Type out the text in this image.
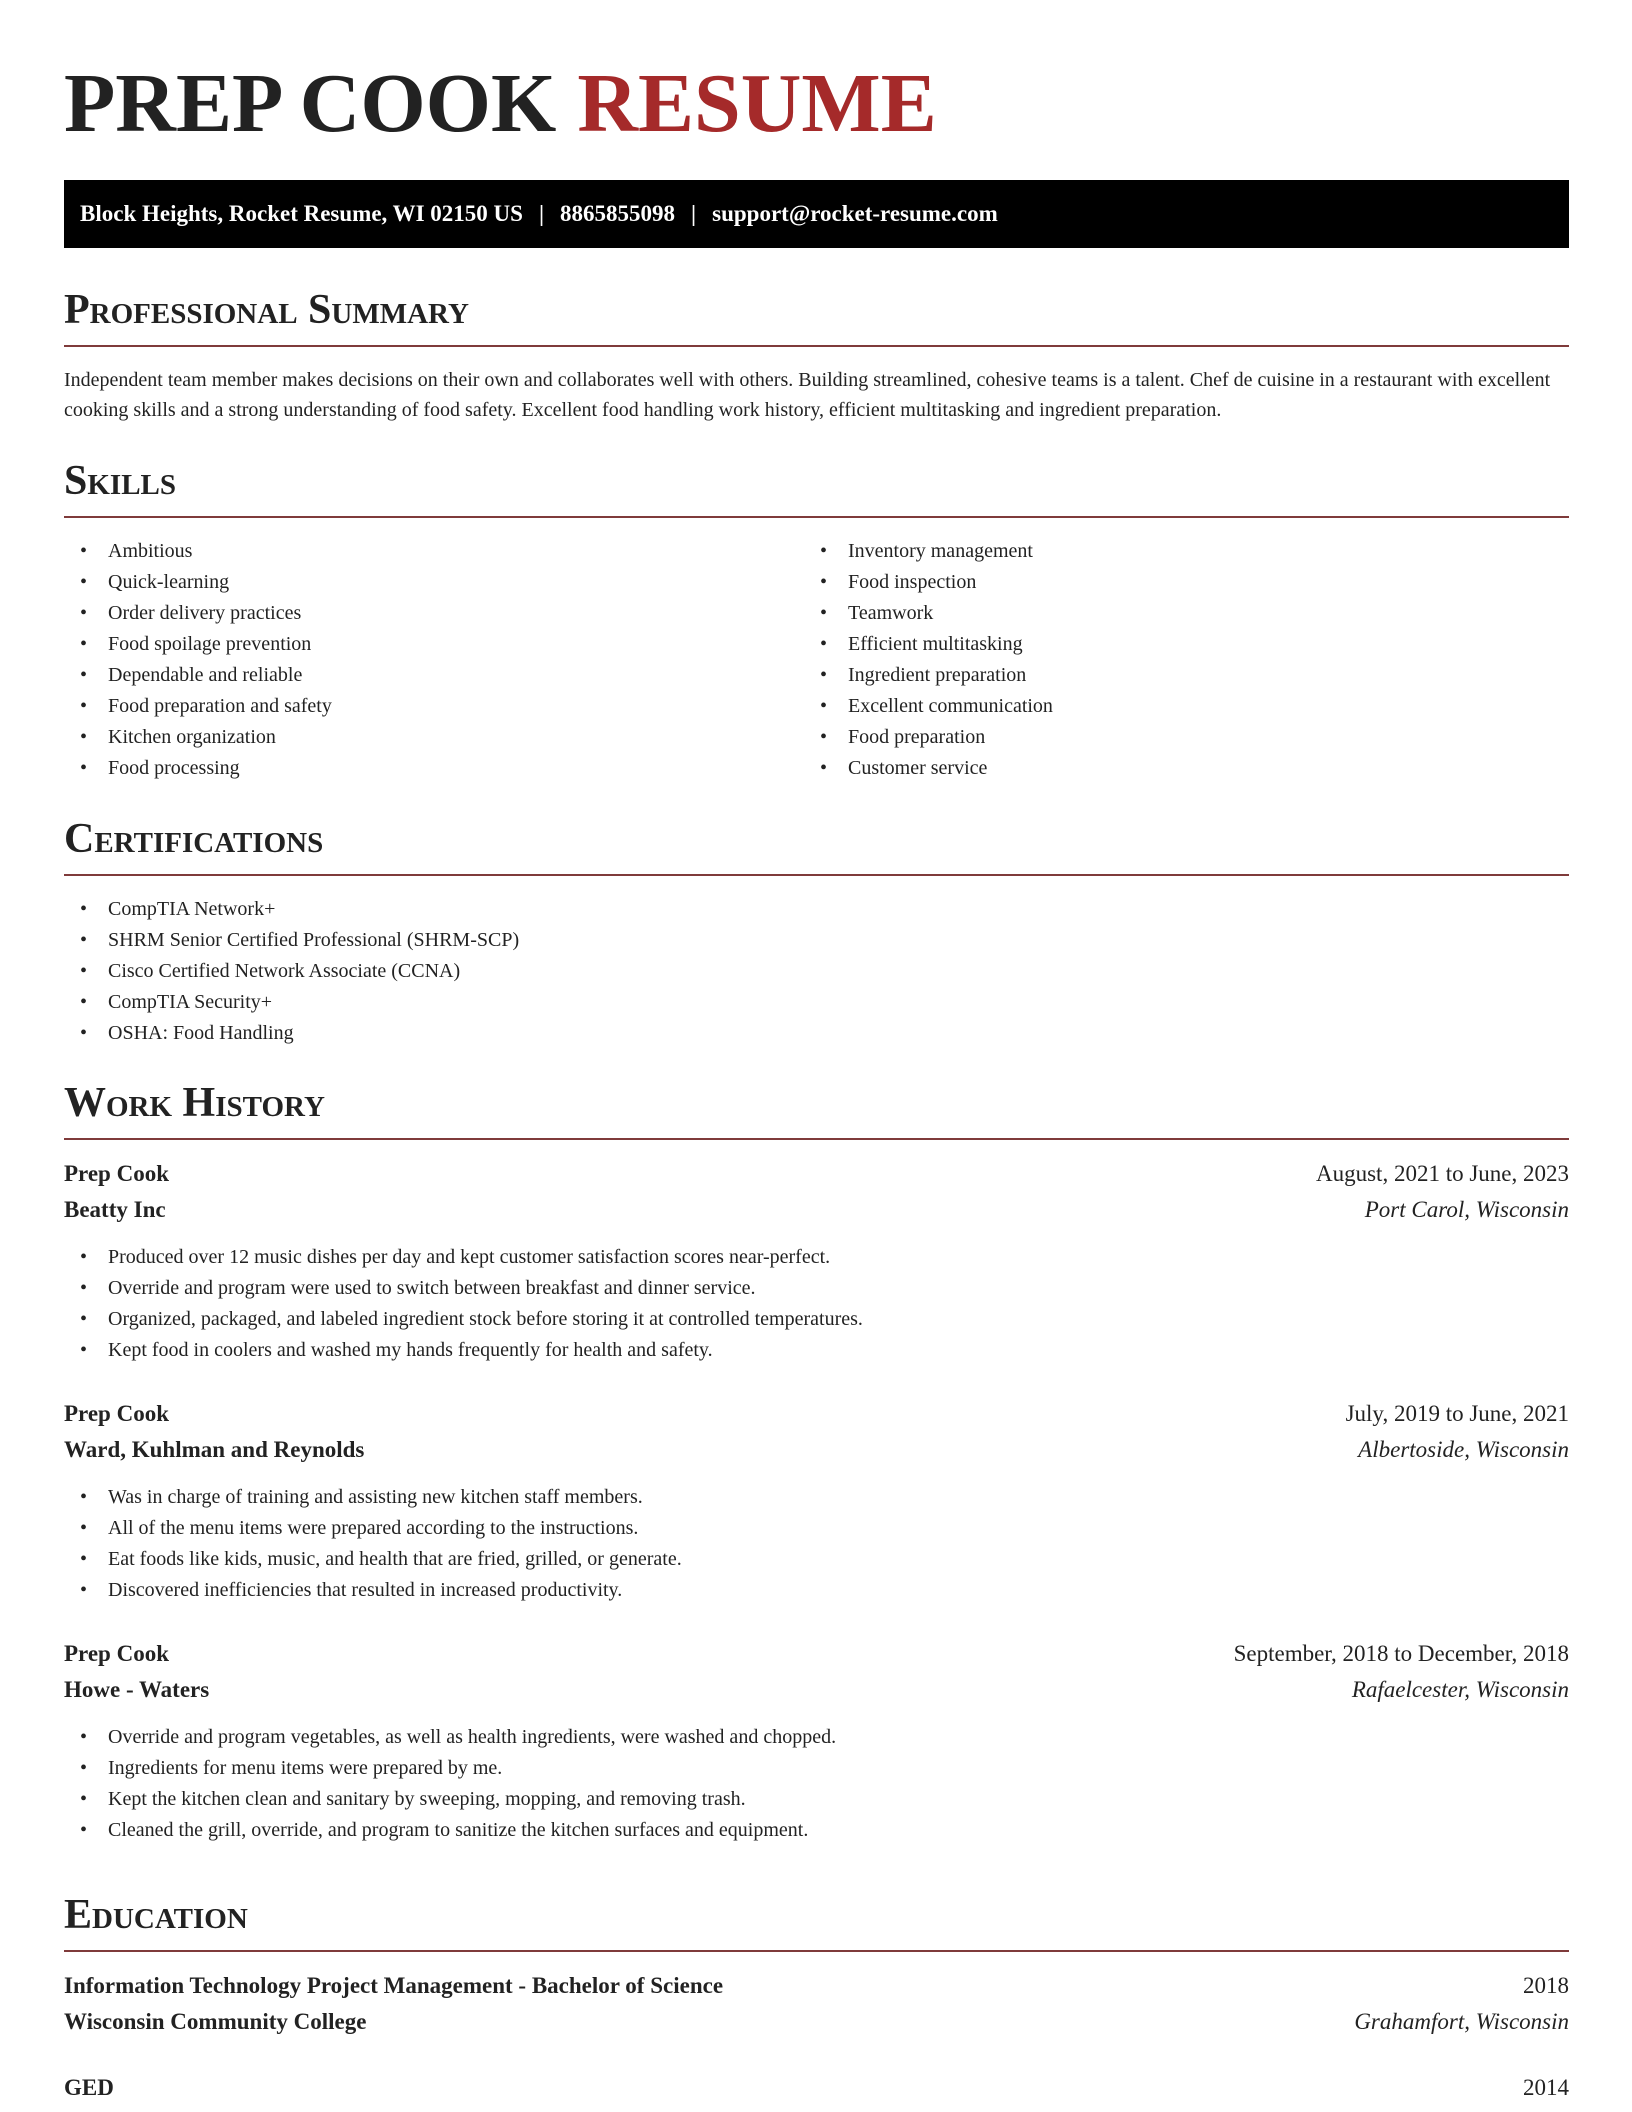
PREP COOK RESUME
Block Heights, Rocket Resume, WI 02150 US | 8865855098 | support@rocket-resume.com
Professional Summary
Independent team member makes decisions on their own and collaborates well with others. Building streamlined, cohesive teams is a talent. Chef de cuisine in a restaurant with excellent cooking skills and a strong understanding of food safety. Excellent food handling work history, efficient multitasking and ingredient preparation.
Skills
• Ambitious
• Quick-learning
• Order delivery practices
• Food spoilage prevention
• Dependable and reliable
• Food preparation and safety
• Kitchen organization
• Food processing
• Inventory management
• Food inspection
• Teamwork
• Efficient multitasking
• Ingredient preparation
• Excellent communication
• Food preparation
• Customer service
Certifications
• CompTIA Network+
• SHRM Senior Certified Professional (SHRM-SCP)
• Cisco Certified Network Associate (CCNA)
• CompTIA Security+
• OSHA: Food Handling
Work History
Prep Cook	August, 2021 to June, 2023
Beatty Inc	Port Carol, Wisconsin
• Produced over 12 music dishes per day and kept customer satisfaction scores near-perfect.
• Override and program were used to switch between breakfast and dinner service.
• Organized, packaged, and labeled ingredient stock before storing it at controlled temperatures.
• Kept food in coolers and washed my hands frequently for health and safety.
Prep Cook	July, 2019 to June, 2021
Ward, Kuhlman and Reynolds	Albertoside, Wisconsin
• Was in charge of training and assisting new kitchen staff members.
• All of the menu items were prepared according to the instructions.
• Eat foods like kids, music, and health that are fried, grilled, or generate.
• Discovered inefficiencies that resulted in increased productivity.
Prep Cook	September, 2018 to December, 2018
Howe - Waters	Rafaelcester, Wisconsin
• Override and program vegetables, as well as health ingredients, were washed and chopped.
• Ingredients for menu items were prepared by me.
• Kept the kitchen clean and sanitary by sweeping, mopping, and removing trash.
• Cleaned the grill, override, and program to sanitize the kitchen surfaces and equipment.
Education
Information Technology Project Management - Bachelor of Science	2018
Wisconsin Community College	Grahamfort, Wisconsin
GED	2014
